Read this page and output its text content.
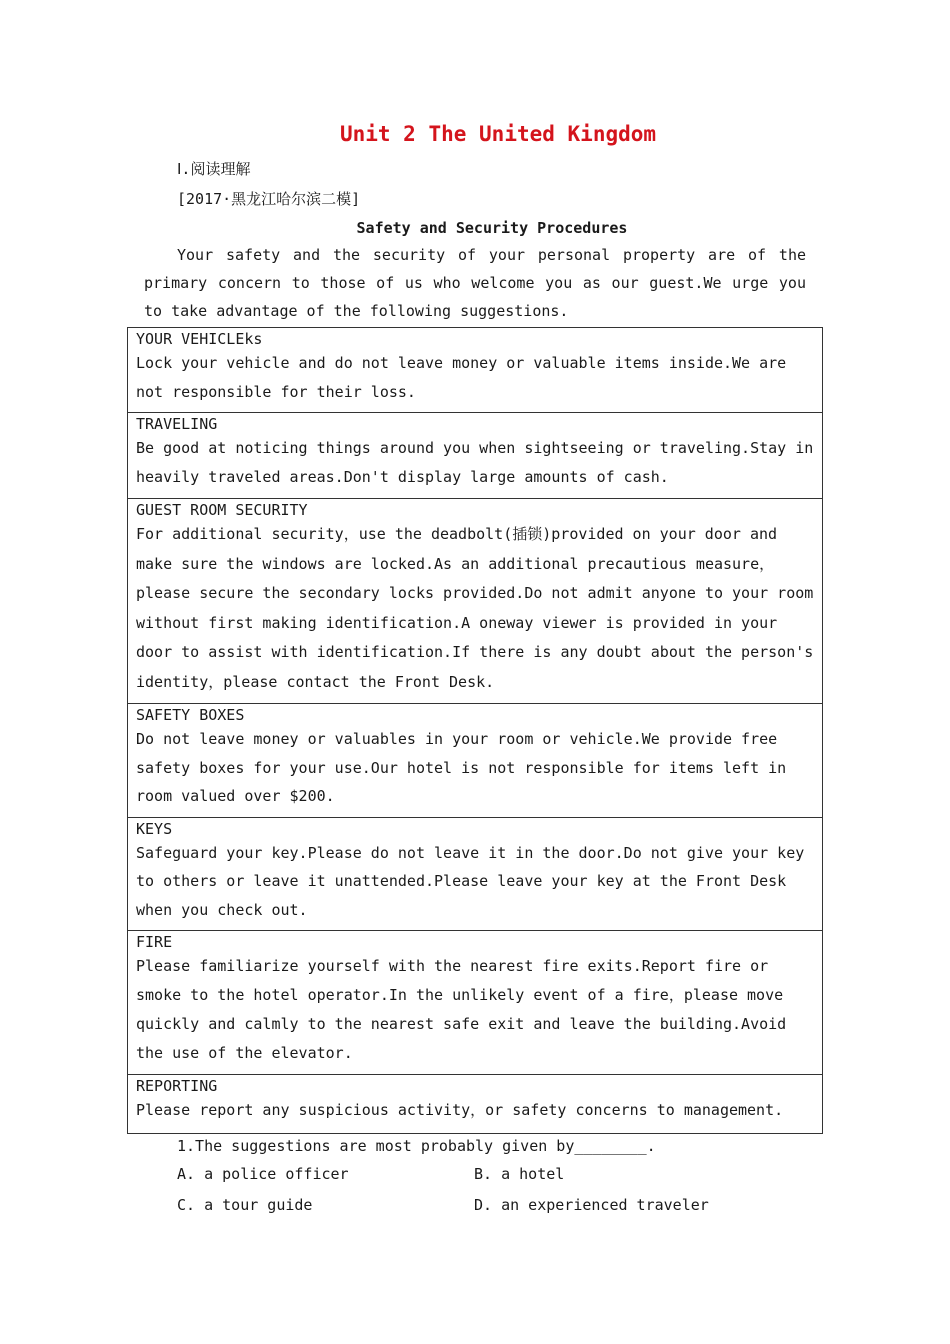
Unit 2 The United Kingdom
Ⅰ.阅读理解
[2017·黑龙江哈尔滨二模]
Safety and Security Procedures
Your safety and the security of your personal property are of the primary concern to those of us who welcome you as our guest.We urge you to take advantage of the following suggestions.
YOUR VEHICLEks
Lock your vehicle and do not leave money or valuable items inside.We are not responsible for their loss.

TRAVELING
Be good at noticing things around you when sightseeing or traveling.Stay in heavily traveled areas.Don't display large amounts of cash.

GUEST ROOM SECURITY
For additional security，use the deadbolt(插锁)provided on your door and make sure the windows are locked.As an additional precautious measure，please secure the secondary locks provided.Do not admit anyone to your room without first making identification.A oneway viewer is provided in your door to assist with identification.If there is any doubt about the person's identity，please contact the Front Desk.

SAFETY BOXES
Do not leave money or valuables in your room or vehicle.We provide free safety boxes for your use.Our hotel is not responsible for items left in room valued over $200.

KEYS
Safeguard your key.Please do not leave it in the door.Do not give your key to others or leave it unattended.Please leave your key at the Front Desk when you check out.

FIRE
Please familiarize yourself with the nearest fire exits.Report fire or smoke to the hotel operator.In the unlikely event of a fire，please move quickly and calmly to the nearest safe exit and leave the building.Avoid the use of the elevator.

REPORTING
Please report any suspicious activity，or safety concerns to management.
1.The suggestions are most probably given by________.
A. a police officer	B. a hotel
C. a tour guide	D. an experienced traveler
